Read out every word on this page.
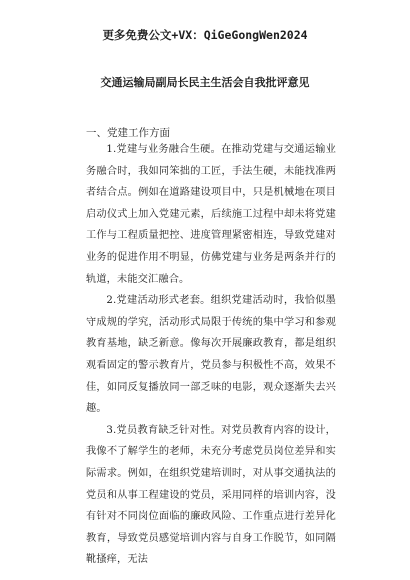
更多免费公文+VX：QiGeGongWen2024
交通运输局副局长民主生活会自我批评意见
一、党建工作方面

1.党建与业务融合生硬。在推动党建与交通运输业务融合时，我如同笨拙的工匠，手法生硬，未能找准两者结合点。例如在道路建设项目中，只是机械地在项目启动仪式上加入党建元素，后续施工过程中却未将党建工作与工程质量把控、进度管理紧密相连，导致党建对业务的促进作用不明显，仿佛党建与业务是两条并行的轨道，未能交汇融合。

2.党建活动形式老套。组织党建活动时，我恰似墨守成规的学究，活动形式局限于传统的集中学习和参观教育基地，缺乏新意。像每次开展廉政教育，都是组织观看固定的警示教育片，党员参与积极性不高，效果不佳，如同反复播放同一部乏味的电影，观众逐渐失去兴趣。

3.党员教育缺乏针对性。对党员教育内容的设计，我像不了解学生的老师，未充分考虑党员岗位差异和实际需求。例如，在组织党建培训时，对从事交通执法的党员和从事工程建设的党员，采用同样的培训内容，没有针对不同岗位面临的廉政风险、工作重点进行差异化教育，导致党员感觉培训内容与自身工作脱节，如同隔靴搔痒，无法
